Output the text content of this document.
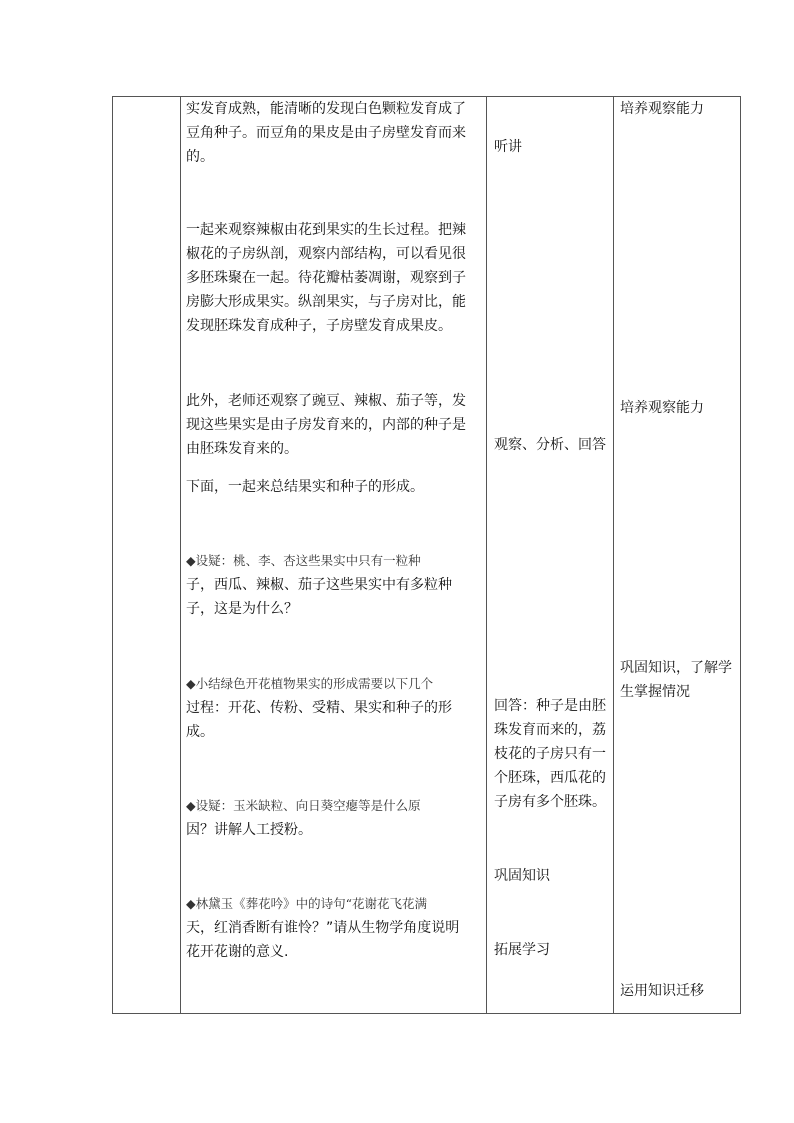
实发育成熟，能清晰的发现白色颗粒发育成了
豆角种子。而豆角的果皮是由子房壁发育而来
的。
一起来观察辣椒由花到果实的生长过程。把辣
椒花的子房纵剖，观察内部结构，可以看见很
多胚珠聚在一起。待花瓣枯萎凋谢，观察到子
房膨大形成果实。纵剖果实，与子房对比，能
发现胚珠发育成种子，子房壁发育成果皮。
此外，老师还观察了豌豆、辣椒、茄子等，发
现这些果实是由子房发育来的，内部的种子是
由胚珠发育来的。
下面，一起来总结果实和种子的形成。
◆设疑：桃、李、杏这些果实中只有一粒种
子，西瓜、辣椒、茄子这些果实中有多粒种
子，这是为什么？
◆小结绿色开花植物果实的形成需要以下几个
过程：开花、传粉、受精、果实和种子的形
成。
◆设疑：玉米缺粒、向日葵空瘪等是什么原
因？讲解人工授粉。
◆林黛玉《葬花吟》中的诗句“花谢花飞花满
天，红消香断有谁怜？”请从生物学角度说明
花开花谢的意义.
听讲
观察、分析、回答
回答：种子是由胚
珠发育而来的，荔
枝花的子房只有一
个胚珠，西瓜花的
子房有多个胚珠。
巩固知识
拓展学习
培养观察能力
培养观察能力
巩固知识，了解学
生掌握情况
运用知识迁移
